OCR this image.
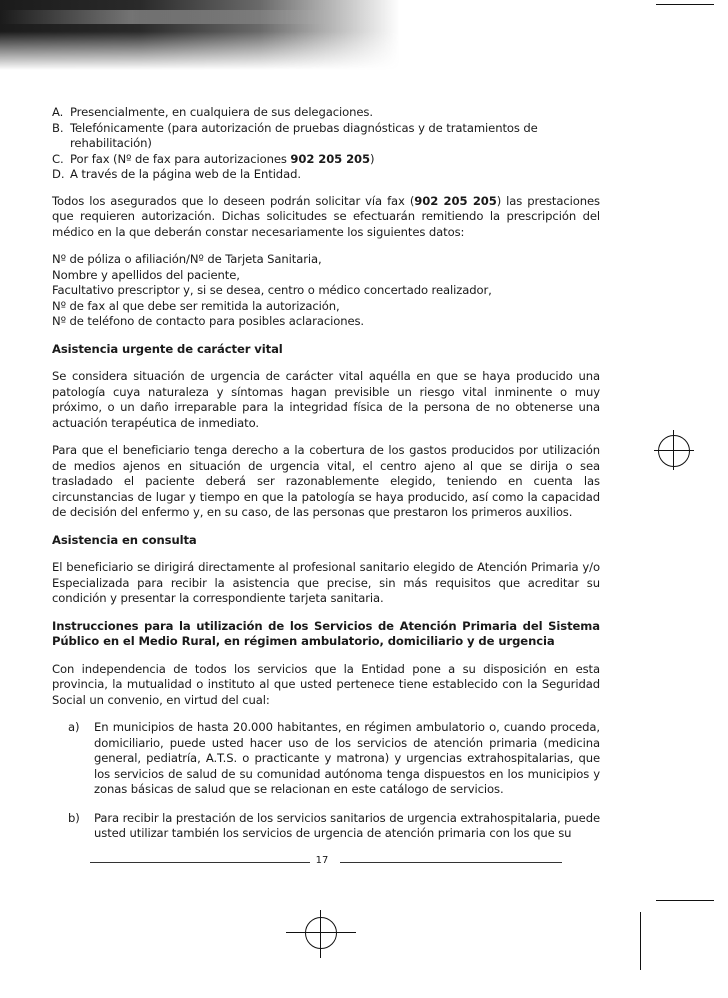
A. Presencialmente, en cualquiera de sus delegaciones.
B. Telefónicamente (para autorización de pruebas diagnósticas y de tratamientos de rehabilitación)
C. Por fax (Nº de fax para autorizaciones 902 205 205)
D. A través de la página web de la Entidad.

Todos los asegurados que lo deseen podrán solicitar vía fax (902 205 205) las prestaciones que requieren autorización. Dichas solicitudes se efectuarán remitiendo la prescripción del médico en la que deberán constar necesariamente los siguientes datos:

Nº de póliza o afiliación/Nº de Tarjeta Sanitaria,
Nombre y apellidos del paciente,
Facultativo prescriptor y, si se desea, centro o médico concertado realizador,
Nº de fax al que debe ser remitida la autorización,
Nº de teléfono de contacto para posibles aclaraciones.
Asistencia urgente de carácter vital

Se considera situación de urgencia de carácter vital aquélla en que se haya producido una patología cuya naturaleza y síntomas hagan previsible un riesgo vital inminente o muy próximo, o un daño irreparable para la integridad física de la persona de no obtenerse una actuación terapéutica de inmediato.

Para que el beneficiario tenga derecho a la cobertura de los gastos producidos por utilización de medios ajenos en situación de urgencia vital, el centro ajeno al que se dirija o sea trasladado el paciente deberá ser razonablemente elegido, teniendo en cuenta las circunstancias de lugar y tiempo en que la patología se haya producido, así como la capacidad de decisión del enfermo y, en su caso, de las personas que prestaron los primeros auxilios.

Asistencia en consulta

El beneficiario se dirigirá directamente al profesional sanitario elegido de Atención Primaria y/o Especializada para recibir la asistencia que precise, sin más requisitos que acreditar su condición y presentar la correspondiente tarjeta sanitaria.

Instrucciones para la utilización de los Servicios de Atención Primaria del Sistema Público en el Medio Rural, en régimen ambulatorio, domiciliario y de urgencia

Con independencia de todos los servicios que la Entidad pone a su disposición en esta provincia, la mutualidad o instituto al que usted pertenece tiene establecido con la Seguridad Social un convenio, en virtud del cual:

a)	En municipios de hasta 20.000 habitantes, en régimen ambulatorio o, cuando proceda, domiciliario, puede usted hacer uso de los servicios de atención primaria (medicina general, pediatría, A.T.S. o practicante y matrona) y urgencias extrahospitalarias, que los servicios de salud de su comunidad autónoma tenga dispuestos en los municipios y zonas básicas de salud que se relacionan en este catálogo de servicios.
b)	Para recibir la prestación de los servicios sanitarios de urgencia extrahospitalaria, puede usted utilizar también los servicios de urgencia de atención primaria con los que su
17
